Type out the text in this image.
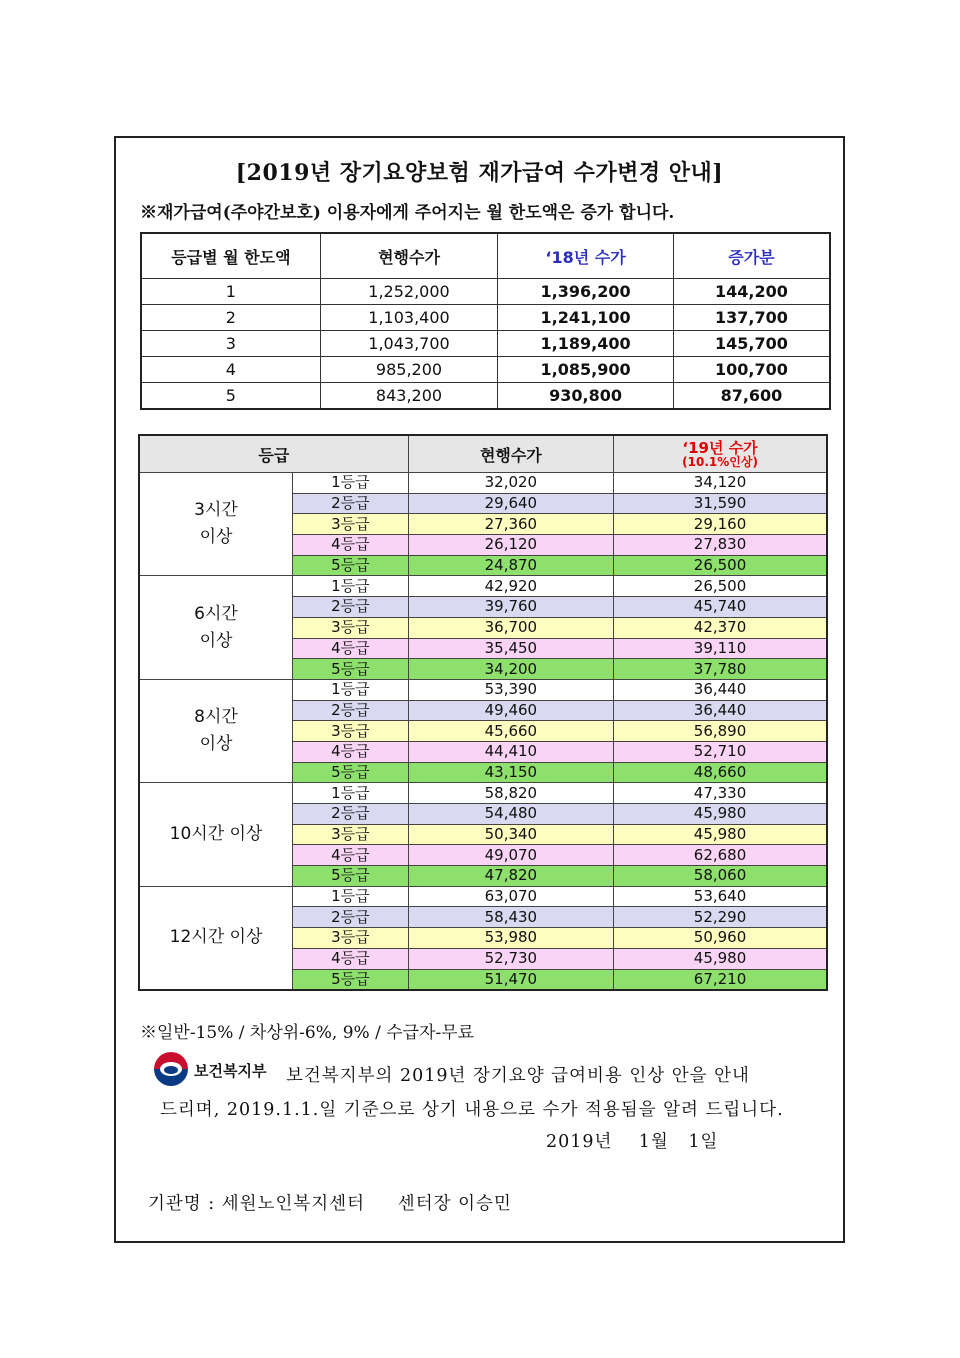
[2019년 장기요양보험 재가급여 수가변경 안내]
※재가급여(주야간보호) 이용자에게 주어지는 월 한도액은 증가 합니다.
등급별 월 한도액	현행수가	‘18년 수가	증가분
1	1,252,000	1,396,200	144,200
2	1,103,400	1,241,100	137,700
3	1,043,700	1,189,400	145,700
4	985,200	1,085,900	100,700
5	843,200	930,800	87,600
등급		현행수가	‘19년 수가
(10.1%인상)

3시간
이상	1등급	32,020	34,120
	2등급	29,640	31,590
	3등급	27,360	29,160
	4등급	26,120	27,830
	5등급	24,870	26,500

6시간
이상	1등급	42,920	26,500
	2등급	39,760	45,740
	3등급	36,700	42,370
	4등급	35,450	39,110
	5등급	34,200	37,780

8시간
이상	1등급	53,390	36,440
	2등급	49,460	36,440
	3등급	45,660	56,890
	4등급	44,410	52,710
	5등급	43,150	48,660

10시간 이상	1등급	58,820	47,330
	2등급	54,480	45,980
	3등급	50,340	45,980
	4등급	49,070	62,680
	5등급	47,820	58,060

12시간 이상	1등급	63,070	53,640
	2등급	58,430	52,290
	3등급	53,980	50,960
	4등급	52,730	45,980
	5등급	51,470	67,210
※일반-15% / 차상위-6%, 9% / 수급자-무료
보건복지부 보건복지부의 2019년 장기요양 급여비용 인상 안을 안내
드리며, 2019.1.1.일 기준으로 상기 내용으로 수가 적용됨을 알려 드립니다.
2019년    1월   1일
기관명 : 세원노인복지센터     센터장 이승민
